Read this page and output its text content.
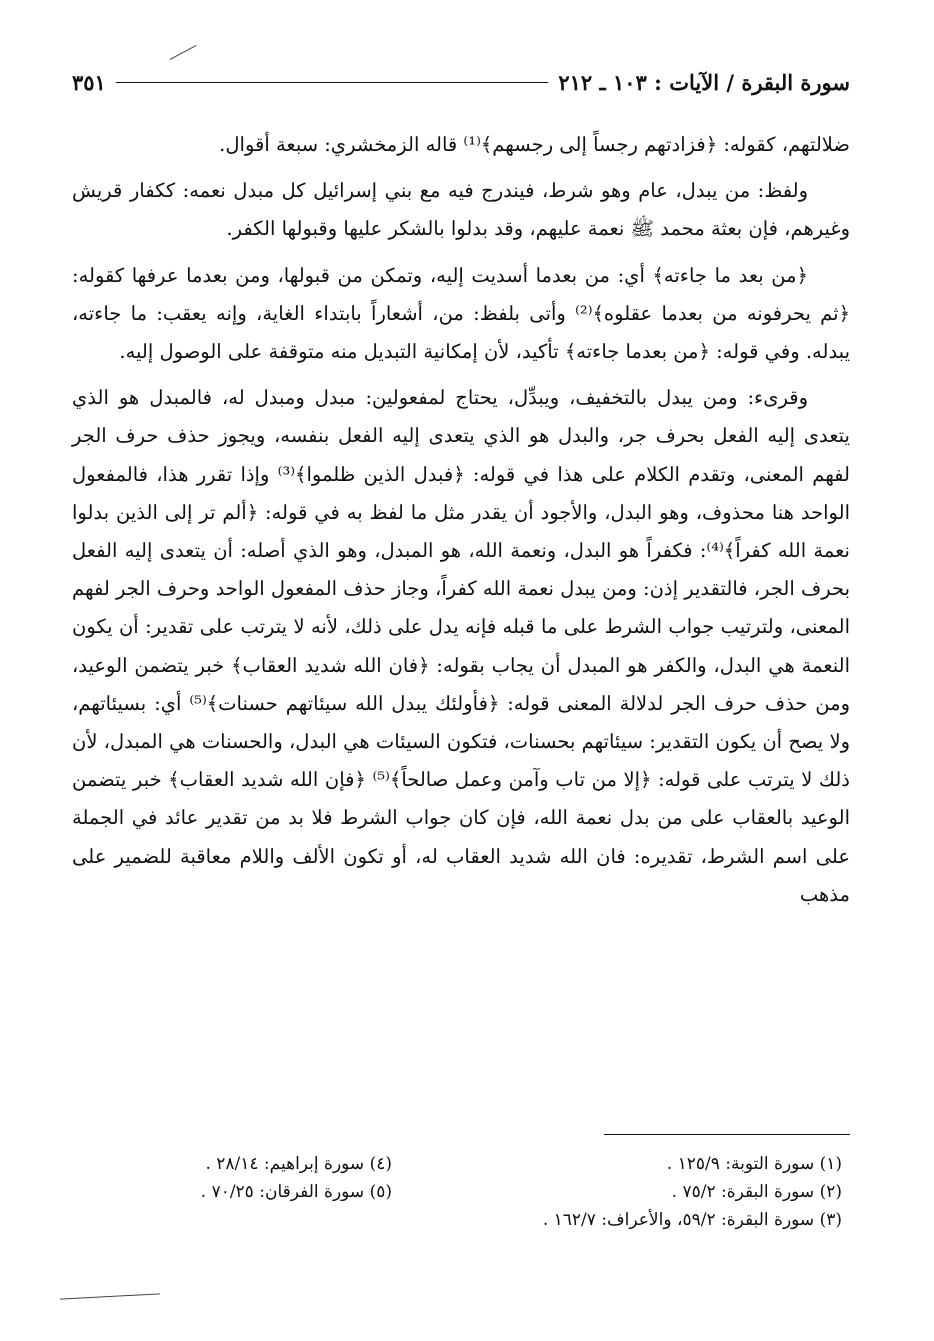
سورة البقرة / الآيات : ١٠٣ ـ ٢١٢
٣٥١

ضلالتهم، كقوله: ﴿فزادتهم رجساً إلى رجسهم﴾⁽¹⁾ قاله الزمخشري: سبعة أقوال.

ولفظ: من يبدل، عام وهو شرط، فيندرج فيه مع بني إسرائيل كل مبدل نعمه: ككفار قريش وغيرهم، فإن بعثة محمد ﷺ نعمة عليهم، وقد بدلوا بالشكر عليها وقبولها الكفر.

﴿من بعد ما جاءته﴾ أي: من بعدما أسديت إليه، وتمكن من قبولها، ومن بعدما عرفها كقوله: ﴿ثم يحرفونه من بعدما عقلوه﴾⁽²⁾ وأتى بلفظ: من، أشعاراً بابتداء الغاية، وإنه يعقب: ما جاءته، يبدله. وفي قوله: ﴿من بعدما جاءته﴾ تأكيد، لأن إمكانية التبديل منه متوقفة على الوصول إليه.

وقرىء: ومن يبدل بالتخفيف، ويبدِّل، يحتاج لمفعولين: مبدل ومبدل له، فالمبدل هو الذي يتعدى إليه الفعل بحرف جر، والبدل هو الذي يتعدى إليه الفعل بنفسه، ويجوز حذف حرف الجر لفهم المعنى، وتقدم الكلام على هذا في قوله: ﴿فبدل الذين ظلموا﴾⁽³⁾ وإذا تقرر هذا، فالمفعول الواحد هنا محذوف، وهو البدل، والأجود أن يقدر مثل ما لفظ به في قوله: ﴿ألم تر إلى الذين بدلوا نعمة الله كفراً﴾⁽⁴⁾: فكفراً هو البدل، ونعمة الله، هو المبدل، وهو الذي أصله: أن يتعدى إليه الفعل بحرف الجر، فالتقدير إذن: ومن يبدل نعمة الله كفراً، وجاز حذف المفعول الواحد وحرف الجر لفهم المعنى، ولترتيب جواب الشرط على ما قبله فإنه يدل على ذلك، لأنه لا يترتب على تقدير: أن يكون النعمة هي البدل، والكفر هو المبدل أن يجاب بقوله: ﴿فان الله شديد العقاب﴾ خبر يتضمن الوعيد، ومن حذف حرف الجر لدلالة المعنى قوله: ﴿فأولئك يبدل الله سيئاتهم حسنات﴾⁽⁵⁾ أي: بسيئاتهم، ولا يصح أن يكون التقدير: سيئاتهم بحسنات، فتكون السيئات هي البدل، والحسنات هي المبدل، لأن ذلك لا يترتب على قوله: ﴿إلا من تاب وآمن وعمل صالحاً﴾⁽⁵⁾ ﴿فإن الله شديد العقاب﴾ خبر يتضمن الوعيد بالعقاب على من بدل نعمة الله، فإن كان جواب الشرط فلا بد من تقدير عائد في الجملة على اسم الشرط، تقديره: فان الله شديد العقاب له، أو تكون الألف واللام معاقبة للضمير على مذهب

(١) سورة التوبة: ١٢٥/٩ .
(٢) سورة البقرة: ٧٥/٢ .
(٣) سورة البقرة: ٥٩/٢، والأعراف: ١٦٢/٧ .
(٤) سورة إبراهيم: ٢٨/١٤ .
(٥) سورة الفرقان: ٧٠/٢٥ .
